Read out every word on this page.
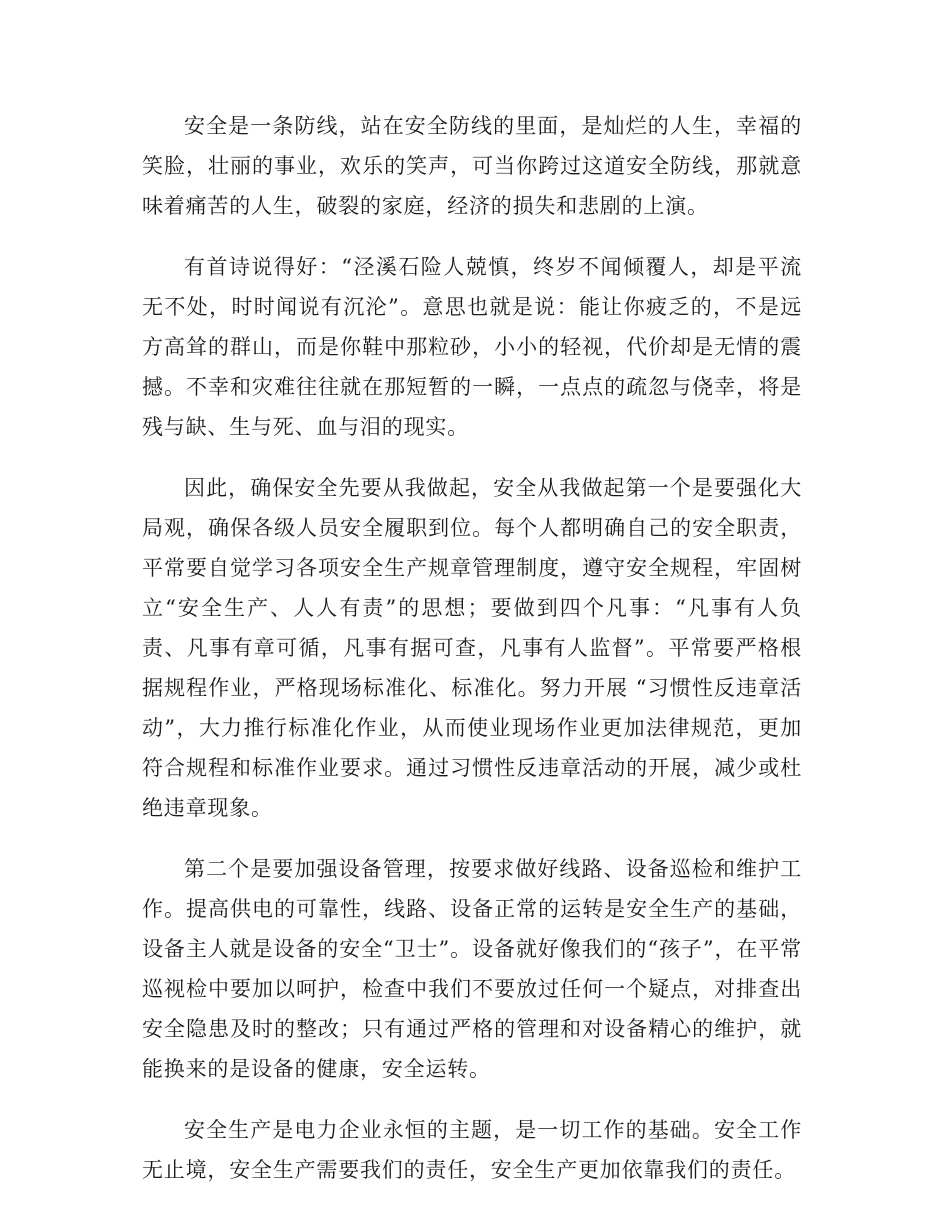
安全是一条防线，站在安全防线的里面，是灿烂的人生，幸福的笑脸，壮丽的事业，欢乐的笑声，可当你跨过这道安全防线，那就意味着痛苦的人生，破裂的家庭，经济的损失和悲剧的上演。

有首诗说得好：“泾溪石险人兢慎，终岁不闻倾覆人，却是平流无不处，时时闻说有沉沦”。意思也就是说：能让你疲乏的，不是远方高耸的群山，而是你鞋中那粒砂，小小的轻视，代价却是无情的震撼。不幸和灾难往往就在那短暂的一瞬，一点点的疏忽与侥幸，将是残与缺、生与死、血与泪的现实。

因此，确保安全先要从我做起，安全从我做起第一个是要强化大局观，确保各级人员安全履职到位。每个人都明确自己的安全职责，平常要自觉学习各项安全生产规章管理制度，遵守安全规程，牢固树立“安全生产、人人有责”的思想；要做到四个凡事：“凡事有人负责、凡事有章可循，凡事有据可查，凡事有人监督”。平常要严格根据规程作业，严格现场标准化、标准化。努力开展 “习惯性反违章活动”，大力推行标准化作业，从而使业现场作业更加法律规范，更加符合规程和标准作业要求。通过习惯性反违章活动的开展，减少或杜绝违章现象。

第二个是要加强设备管理，按要求做好线路、设备巡检和维护工作。提高供电的可靠性，线路、设备正常的运转是安全生产的基础，设备主人就是设备的安全“卫士”。设备就好像我们的“孩子”，在平常巡视检中要加以呵护，检查中我们不要放过任何一个疑点，对排查出安全隐患及时的整改；只有通过严格的管理和对设备精心的维护，就能换来的是设备的健康，安全运转。

安全生产是电力企业永恒的主题，是一切工作的基础。安全工作无止境，安全生产需要我们的责任，安全生产更加依靠我们的责任。
